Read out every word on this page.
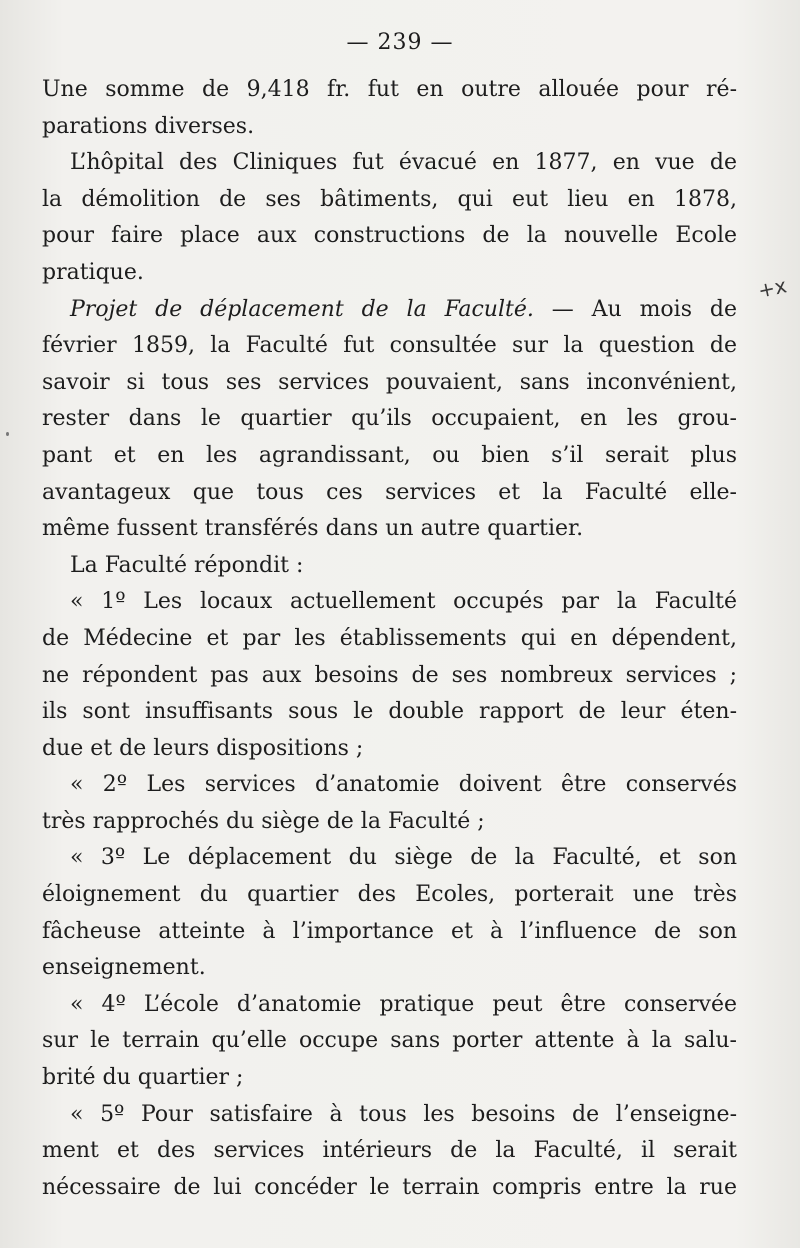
— 239 —
+x
Une somme de 9,418 fr. fut en outre allouée pour ré-
parations diverses.
L’hôpital des Cliniques fut évacué en 1877, en vue de
la démolition de ses bâtiments, qui eut lieu en 1878,
pour faire place aux constructions de la nouvelle Ecole
pratique.
Projet de déplacement de la Faculté. — Au mois de
février 1859, la Faculté fut consultée sur la question de
savoir si tous ses services pouvaient, sans inconvénient,
rester dans le quartier qu’ils occupaient, en les grou-
pant et en les agrandissant, ou bien s’il serait plus
avantageux que tous ces services et la Faculté elle-
même fussent transférés dans un autre quartier.
La Faculté répondit :
« 1º Les locaux actuellement occupés par la Faculté
de Médecine et par les établissements qui en dépendent,
ne répondent pas aux besoins de ses nombreux services ;
ils sont insuffisants sous le double rapport de leur éten-
due et de leurs dispositions ;
« 2º Les services d’anatomie doivent être conservés
très rapprochés du siège de la Faculté ;
« 3º Le déplacement du siège de la Faculté, et son
éloignement du quartier des Ecoles, porterait une très
fâcheuse atteinte à l’importance et à l’influence de son
enseignement.
« 4º L’école d’anatomie pratique peut être conservée
sur le terrain qu’elle occupe sans porter attente à la salu-
brité du quartier ;
« 5º Pour satisfaire à tous les besoins de l’enseigne-
ment et des services intérieurs de la Faculté, il serait
nécessaire de lui concéder le terrain compris entre la rue
